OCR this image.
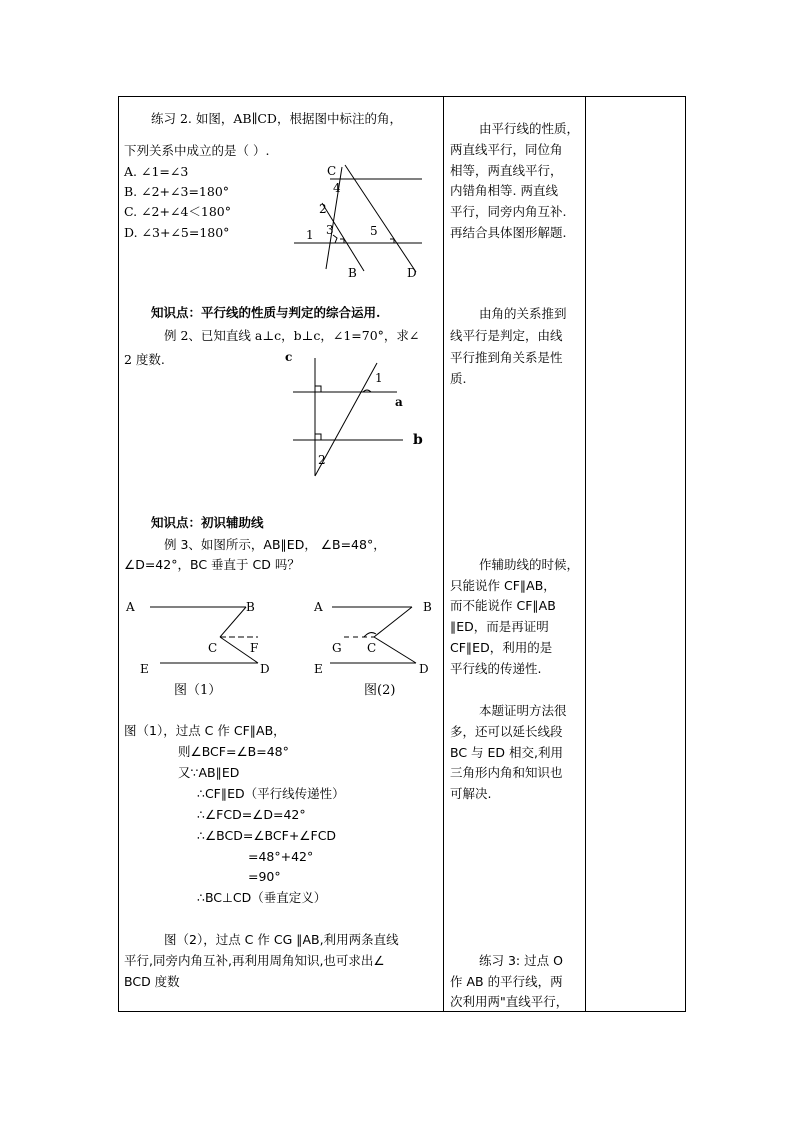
练习 2. 如图，AB∥CD，根据图中标注的角，
下列关系中成立的是（ ）.
A. ∠1=∠3
B. ∠2+∠3=180°
C. ∠2+∠4＜180°
D. ∠3+∠5=180°
C
4
2
1 3	5
B	D
知识点：平行线的性质与判定的综合运用.
例 2、已知直线 a⊥c，b⊥c，∠1=70°，求∠
2 度数.	c
1
a
b
2
知识点：初识辅助线
例 3、如图所示，AB∥ED， ∠B=48°，
∠D=42°，BC 垂直于 CD 吗？
A	B
C	F
E	D
图（1）
A	B
G C
E	D
图(2)
图（1），过点 C 作 CF∥AB，
则∠BCF=∠B=48°
又∵AB∥ED
∴CF∥ED（平行线传递性）
∴∠FCD=∠D=42°
∴∠BCD=∠BCF+∠FCD
=48°+42°
=90°
∴BC⊥CD（垂直定义）
图（2），过点 C 作 CG ∥AB,利用两条直线
平行,同旁内角互补,再利用周角知识,也可求出∠
BCD 度数
由平行线的性质，
两直线平行，同位角
相等，两直线平行，
内错角相等. 两直线
平行，同旁内角互补.
再结合具体图形解题.
由角的关系推到
线平行是判定，由线
平行推到角关系是性
质.
作辅助线的时候，
只能说作 CF∥AB，
而不能说作 CF∥AB
∥ED，而是再证明
CF∥ED，利用的是
平行线的传递性.
本题证明方法很
多，还可以延长线段
BC 与 ED 相交,利用
三角形内角和知识也
可解决.
练习 3: 过点 O
作 AB 的平行线，两
次利用两"直线平行，
